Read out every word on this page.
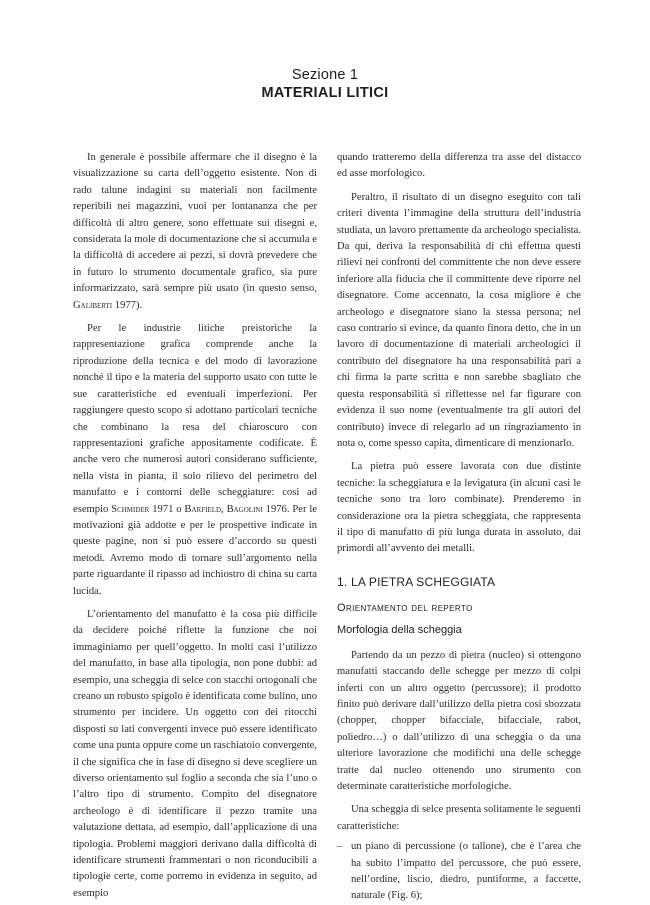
Sezione 1
MATERIALI LITICI

In generale è possibile affermare che il disegno è la visualizzazione su carta dell’oggetto esistente. Non di rado talune indagini su materiali non facilmente reperibili nei magazzini, vuoi per lontananza che per difficoltà di altro genere, sono effettuate sui disegni e, considerata la mole di documentazione che si accumula e la difficoltà di accedere ai pezzi, si dovrà prevedere che in futuro lo strumento documentale grafico, sia pure informarizzato, sarà sempre più usato (in questo senso, Galiberti 1977).

Per le industrie litiche preistoriche la rappresentazione grafica comprende anche la riproduzione della tecnica e del modo di lavorazione nonché il tipo e la materia del supporto usato con tutte le sue caratteristiche ed eventuali imperfezioni. Per raggiungere questo scopo si adottano particolari tecniche che combinano la resa del chiaroscuro con rappresentazioni grafiche appositamente codificate. È anche vero che numerosi autori considerano sufficiente, nella vista in pianta, il solo rilievo del perimetro del manufatto e i contorni delle scheggiature: così ad esempio Schmider 1971 o Barfield, Bagolini 1976. Per le motivazioni già addotte e per le prospettive indicate in queste pagine, non si può essere d’accordo su questi metodi. Avremo modo di tornare sull’argomento nella parte riguardante il ripasso ad inchiostro di china su carta lucida.

L’orientamento del manufatto è la cosa più difficile da decidere poiché riflette la funzione che noi immaginiamo per quell’oggetto. In molti casi l’utilizzo del manufatto, in base alla tipologia, non pone dubbi: ad esempio, una scheggia di selce con stacchi ortogonali che creano un robusto spigolo è identificata come bulino, uno strumento per incidere. Un oggetto con dei ritocchi disposti su lati convergenti invece può essere identificato come una punta oppure come un raschiatoio convergente, il che significa che in fase di disegno si deve scegliere un diverso orientamento sul foglio a seconda che sia l’uno o l’altro tipo di strumento. Compito del disegnatore archeologo è di identificare il pezzo tramite una valutazione dettata, ad esempio, dall’applicazione di una tipologia. Problemi maggiori derivano dalla difficoltà di identificare strumenti frammentari o non riconducibili a tipologie certe, come porremo in evidenza in seguito, ad esempio

quando tratteremo della differenza tra asse del distacco ed asse morfologico.

Peraltro, il risultato di un disegno eseguito con tali criteri diventa l’immagine della struttura dell’industria studiata, un lavoro prettamente da archeologo specialista. Da qui, deriva la responsabilità di chi effettua questi rilievi nei confronti del committente che non deve essere inferiore alla fiducia che il committente deve riporre nel disegnatore. Come accennato, la cosa migliore è che archeologo e disegnatore siano la stessa persona; nel caso contrario si evince, da quanto finora detto, che in un lavoro di documentazione di materiali archeologici il contributo del disegnatore ha una responsabilità pari a chi firma la parte scritta e non sarebbe sbagliato che questa responsabilità si riflettesse nel far figurare con evidenza il suo nome (eventualmente tra gli autori del contributo) invece di relegarlo ad un ringraziamento in nota o, come spesso capita, dimenticare di menzionarlo.

La pietra può essere lavorata con due distinte tecniche: la scheggiatura e la levigatura (in alcuni casi le tecniche sono tra loro combinate). Prenderemo in considerazione ora la pietra scheggiata, che rappresenta il tipo di manufatto di più lunga durata in assoluto, dai primordi all’avvento dei metalli.

1. LA PIETRA SCHEGGIATA
Orientamento del reperto
Morfologia della scheggia

Partendo da un pezzo di pietra (nucleo) si ottengono manufatti staccando delle schegge per mezzo di colpi inferti con un altro oggetto (percussore); il prodotto finito può derivare dall’utilizzo della pietra così sbozzata (chopper, chopper bifacciale, bifacciale, rabot, poliedro…) o dall’utilizzo di una scheggia o da una ulteriore lavorazione che modifichi una delle schegge tratte dal nucleo ottenendo uno strumento con determinate caratteristiche morfologiche.

Una scheggia di selce presenta solitamente le seguenti caratteristiche:

– un piano di percussione (o tallone), che è l’area che ha subito l’impatto del percussore, che può essere, nell’ordine, liscio, diedro, puntiforme, a faccette, naturale (Fig. 6);
